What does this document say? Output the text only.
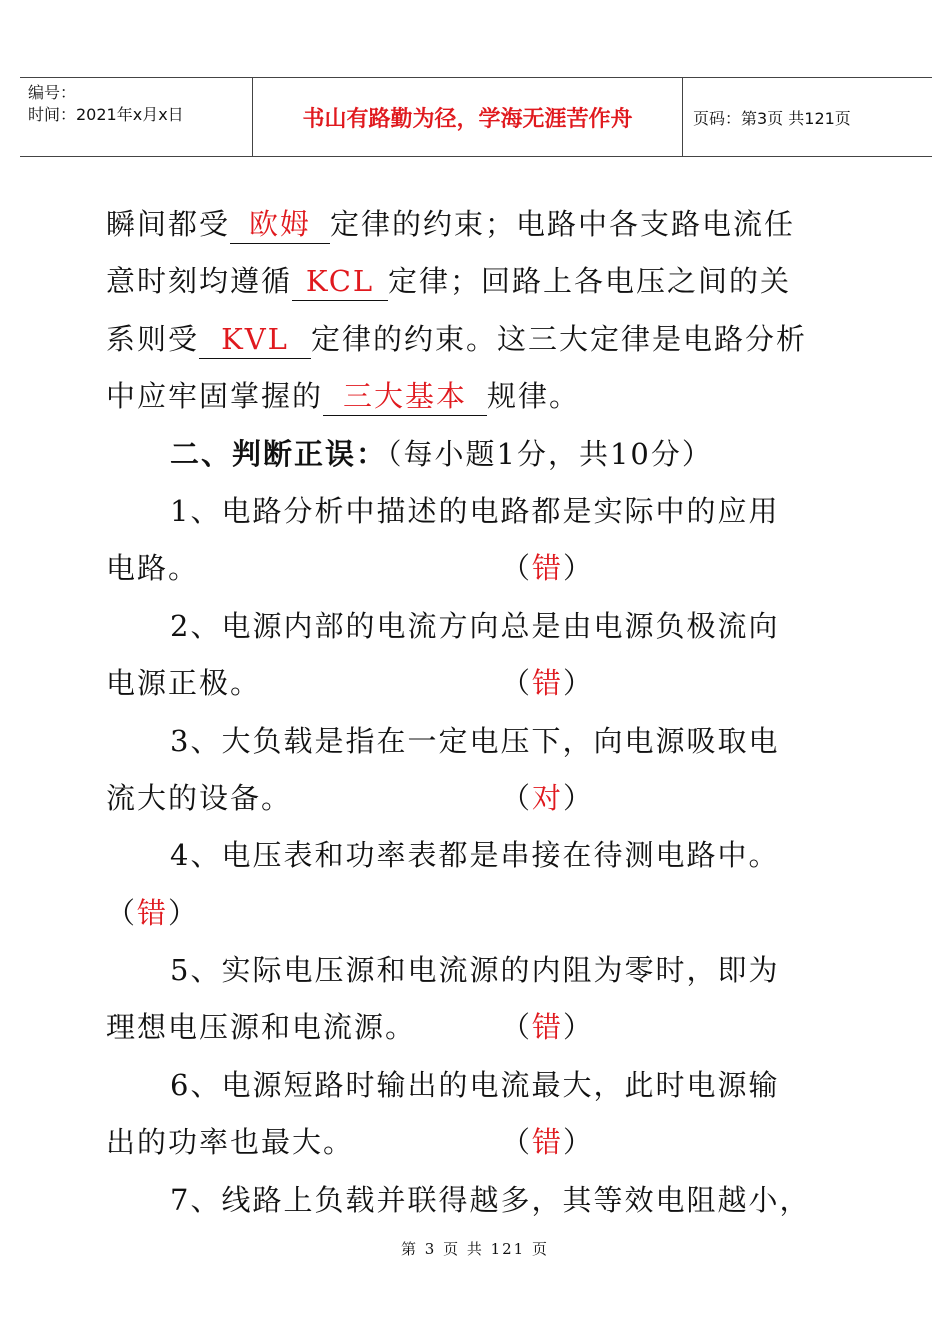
编号：
时间：2021年x月x日	书山有路勤为径，学海无涯苦作舟	页码：第3页 共121页
瞬间都受 欧姆 定律的约束；电路中各支路电流任
意时刻均遵循 KCL 定律；回路上各电压之间的关
系则受 KVL 定律的约束。这三大定律是电路分析
中应牢固掌握的 三大基本 规律。
二、判断正误：（每小题1分，共10分）
1、电路分析中描述的电路都是实际中的应用
电路。	（错）
2、电源内部的电流方向总是由电源负极流向
电源正极。	（错）
3、大负载是指在一定电压下，向电源吸取电
流大的设备。	（对）
4、电压表和功率表都是串接在待测电路中。
（错）
5、实际电压源和电流源的内阻为零时，即为
理想电压源和电流源。	（错）
6、电源短路时输出的电流最大，此时电源输
出的功率也最大。	（错）
7、线路上负载并联得越多，其等效电阻越小，
第 3 页 共 121 页
